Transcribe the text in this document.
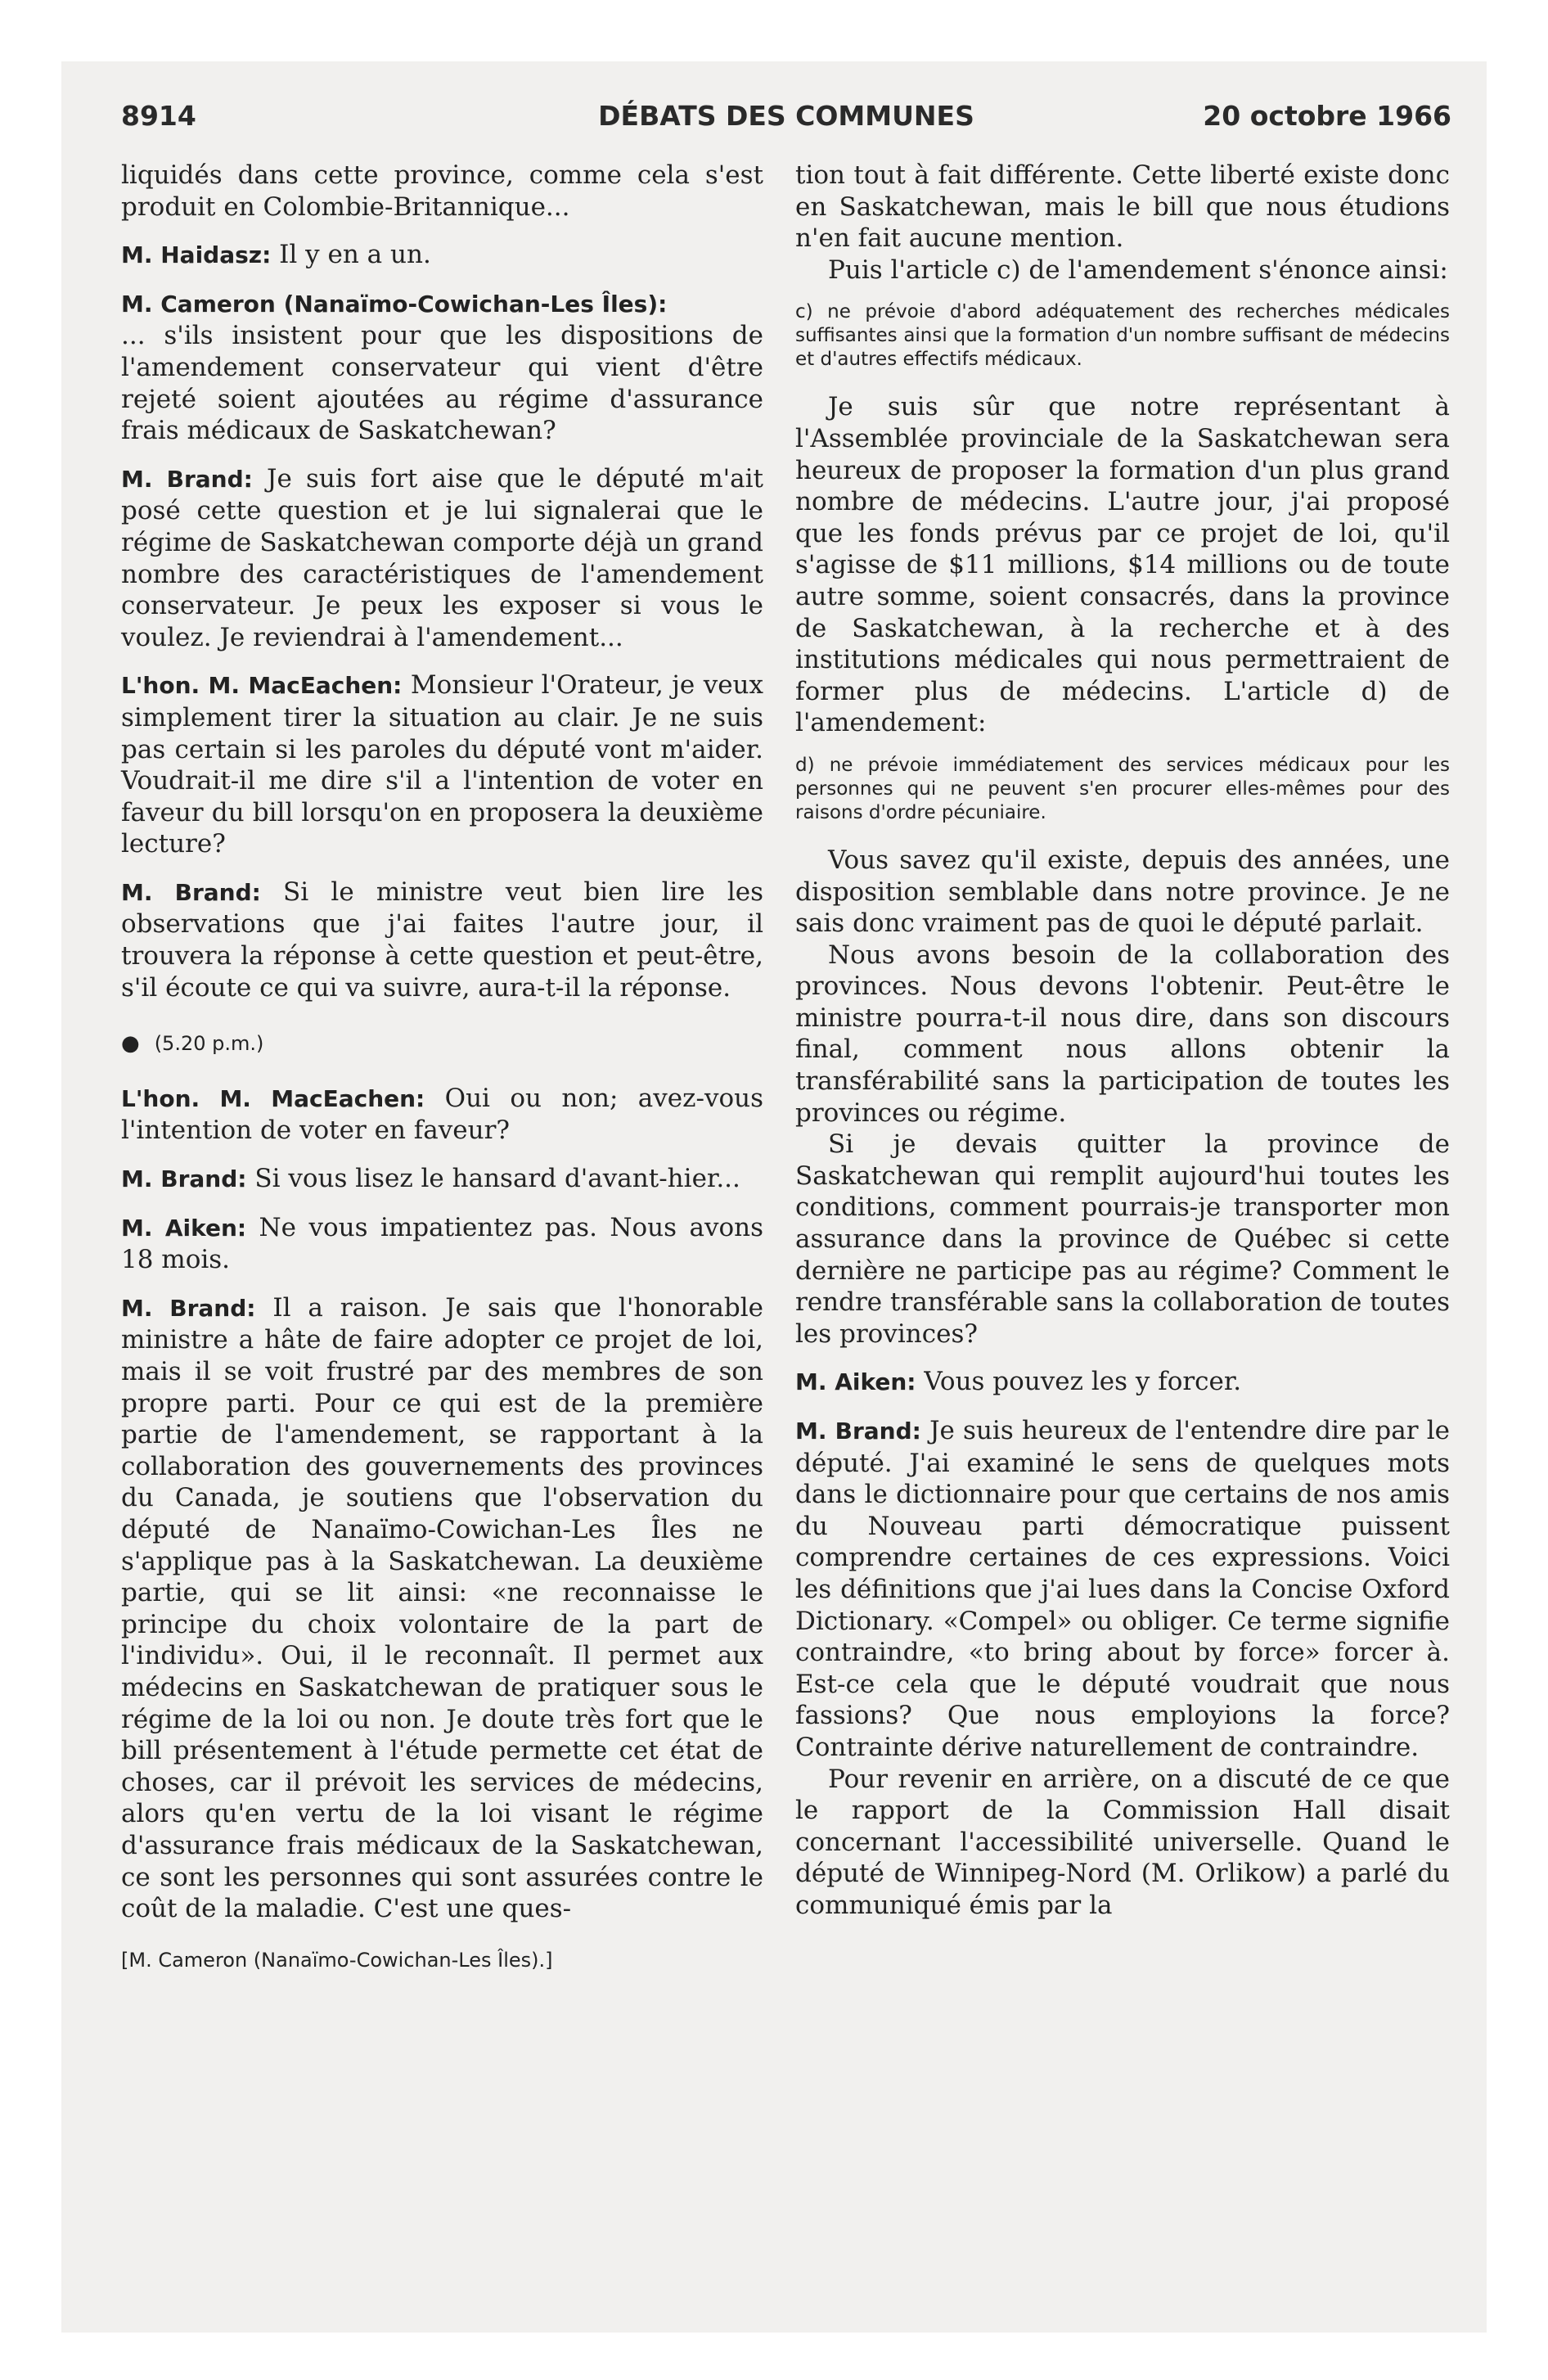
8914	DÉBATS DES COMMUNES	20 octobre 1966

liquidés dans cette province, comme cela s'est produit en Colombie-Britannique...

M. Haidasz: Il y en a un.

M. Cameron (Nanaïmo-Cowichan-Les Îles):
... s'ils insistent pour que les dispositions de l'amendement conservateur qui vient d'être rejeté soient ajoutées au régime d'assurance frais médicaux de Saskatchewan?

M. Brand: Je suis fort aise que le député m'ait posé cette question et je lui signalerai que le régime de Saskatchewan comporte déjà un grand nombre des caractéristiques de l'amendement conservateur. Je peux les exposer si vous le voulez. Je reviendrai à l'amendement...

L'hon. M. MacEachen: Monsieur l'Orateur, je veux simplement tirer la situation au clair. Je ne suis pas certain si les paroles du député vont m'aider. Voudrait-il me dire s'il a l'intention de voter en faveur du bill lorsqu'on en proposera la deuxième lecture?

M. Brand: Si le ministre veut bien lire les observations que j'ai faites l'autre jour, il trouvera la réponse à cette question et peut-être, s'il écoute ce qui va suivre, aura-t-il la réponse.

● (5.20 p.m.)

L'hon. M. MacEachen: Oui ou non; avez-vous l'intention de voter en faveur?

M. Brand: Si vous lisez le hansard d'avant-hier...

M. Aiken: Ne vous impatientez pas. Nous avons 18 mois.

M. Brand: Il a raison. Je sais que l'honorable ministre a hâte de faire adopter ce projet de loi, mais il se voit frustré par des membres de son propre parti. Pour ce qui est de la première partie de l'amendement, se rapportant à la collaboration des gouvernements des provinces du Canada, je soutiens que l'observation du député de Nanaïmo-Cowichan-Les Îles ne s'applique pas à la Saskatchewan. La deuxième partie, qui se lit ainsi: «ne reconnaisse le principe du choix volontaire de la part de l'individu». Oui, il le reconnaît. Il permet aux médecins en Saskatchewan de pratiquer sous le régime de la loi ou non. Je doute très fort que le bill présentement à l'étude permette cet état de choses, car il prévoit les services de médecins, alors qu'en vertu de la loi visant le régime d'assurance frais médicaux de la Saskatchewan, ce sont les personnes qui sont assurées contre le coût de la maladie. C'est une ques-

[M. Cameron (Nanaïmo-Cowichan-Les Îles).]

tion tout à fait différente. Cette liberté existe donc en Saskatchewan, mais le bill que nous étudions n'en fait aucune mention.

Puis l'article c) de l'amendement s'énonce ainsi:

c) ne prévoie d'abord adéquatement des recherches médicales suffisantes ainsi que la formation d'un nombre suffisant de médecins et d'autres effectifs médicaux.

Je suis sûr que notre représentant à l'Assemblée provinciale de la Saskatchewan sera heureux de proposer la formation d'un plus grand nombre de médecins. L'autre jour, j'ai proposé que les fonds prévus par ce projet de loi, qu'il s'agisse de $11 millions, $14 millions ou de toute autre somme, soient consacrés, dans la province de Saskatchewan, à la recherche et à des institutions médicales qui nous permettraient de former plus de médecins. L'article d) de l'amendement:

d) ne prévoie immédiatement des services médicaux pour les personnes qui ne peuvent s'en procurer elles-mêmes pour des raisons d'ordre pécuniaire.

Vous savez qu'il existe, depuis des années, une disposition semblable dans notre province. Je ne sais donc vraiment pas de quoi le député parlait.

Nous avons besoin de la collaboration des provinces. Nous devons l'obtenir. Peut-être le ministre pourra-t-il nous dire, dans son discours final, comment nous allons obtenir la transférabilité sans la participation de toutes les provinces ou régime.

Si je devais quitter la province de Saskatchewan qui remplit aujourd'hui toutes les conditions, comment pourrais-je transporter mon assurance dans la province de Québec si cette dernière ne participe pas au régime? Comment le rendre transférable sans la collaboration de toutes les provinces?

M. Aiken: Vous pouvez les y forcer.

M. Brand: Je suis heureux de l'entendre dire par le député. J'ai examiné le sens de quelques mots dans le dictionnaire pour que certains de nos amis du Nouveau parti démocratique puissent comprendre certaines de ces expressions. Voici les définitions que j'ai lues dans la Concise Oxford Dictionary. «Compel» ou obliger. Ce terme signifie contraindre, «to bring about by force» forcer à. Est-ce cela que le député voudrait que nous fassions? Que nous employions la force? Contrainte dérive naturellement de contraindre.

Pour revenir en arrière, on a discuté de ce que le rapport de la Commission Hall disait concernant l'accessibilité universelle. Quand le député de Winnipeg-Nord (M. Orlikow) a parlé du communiqué émis par la
